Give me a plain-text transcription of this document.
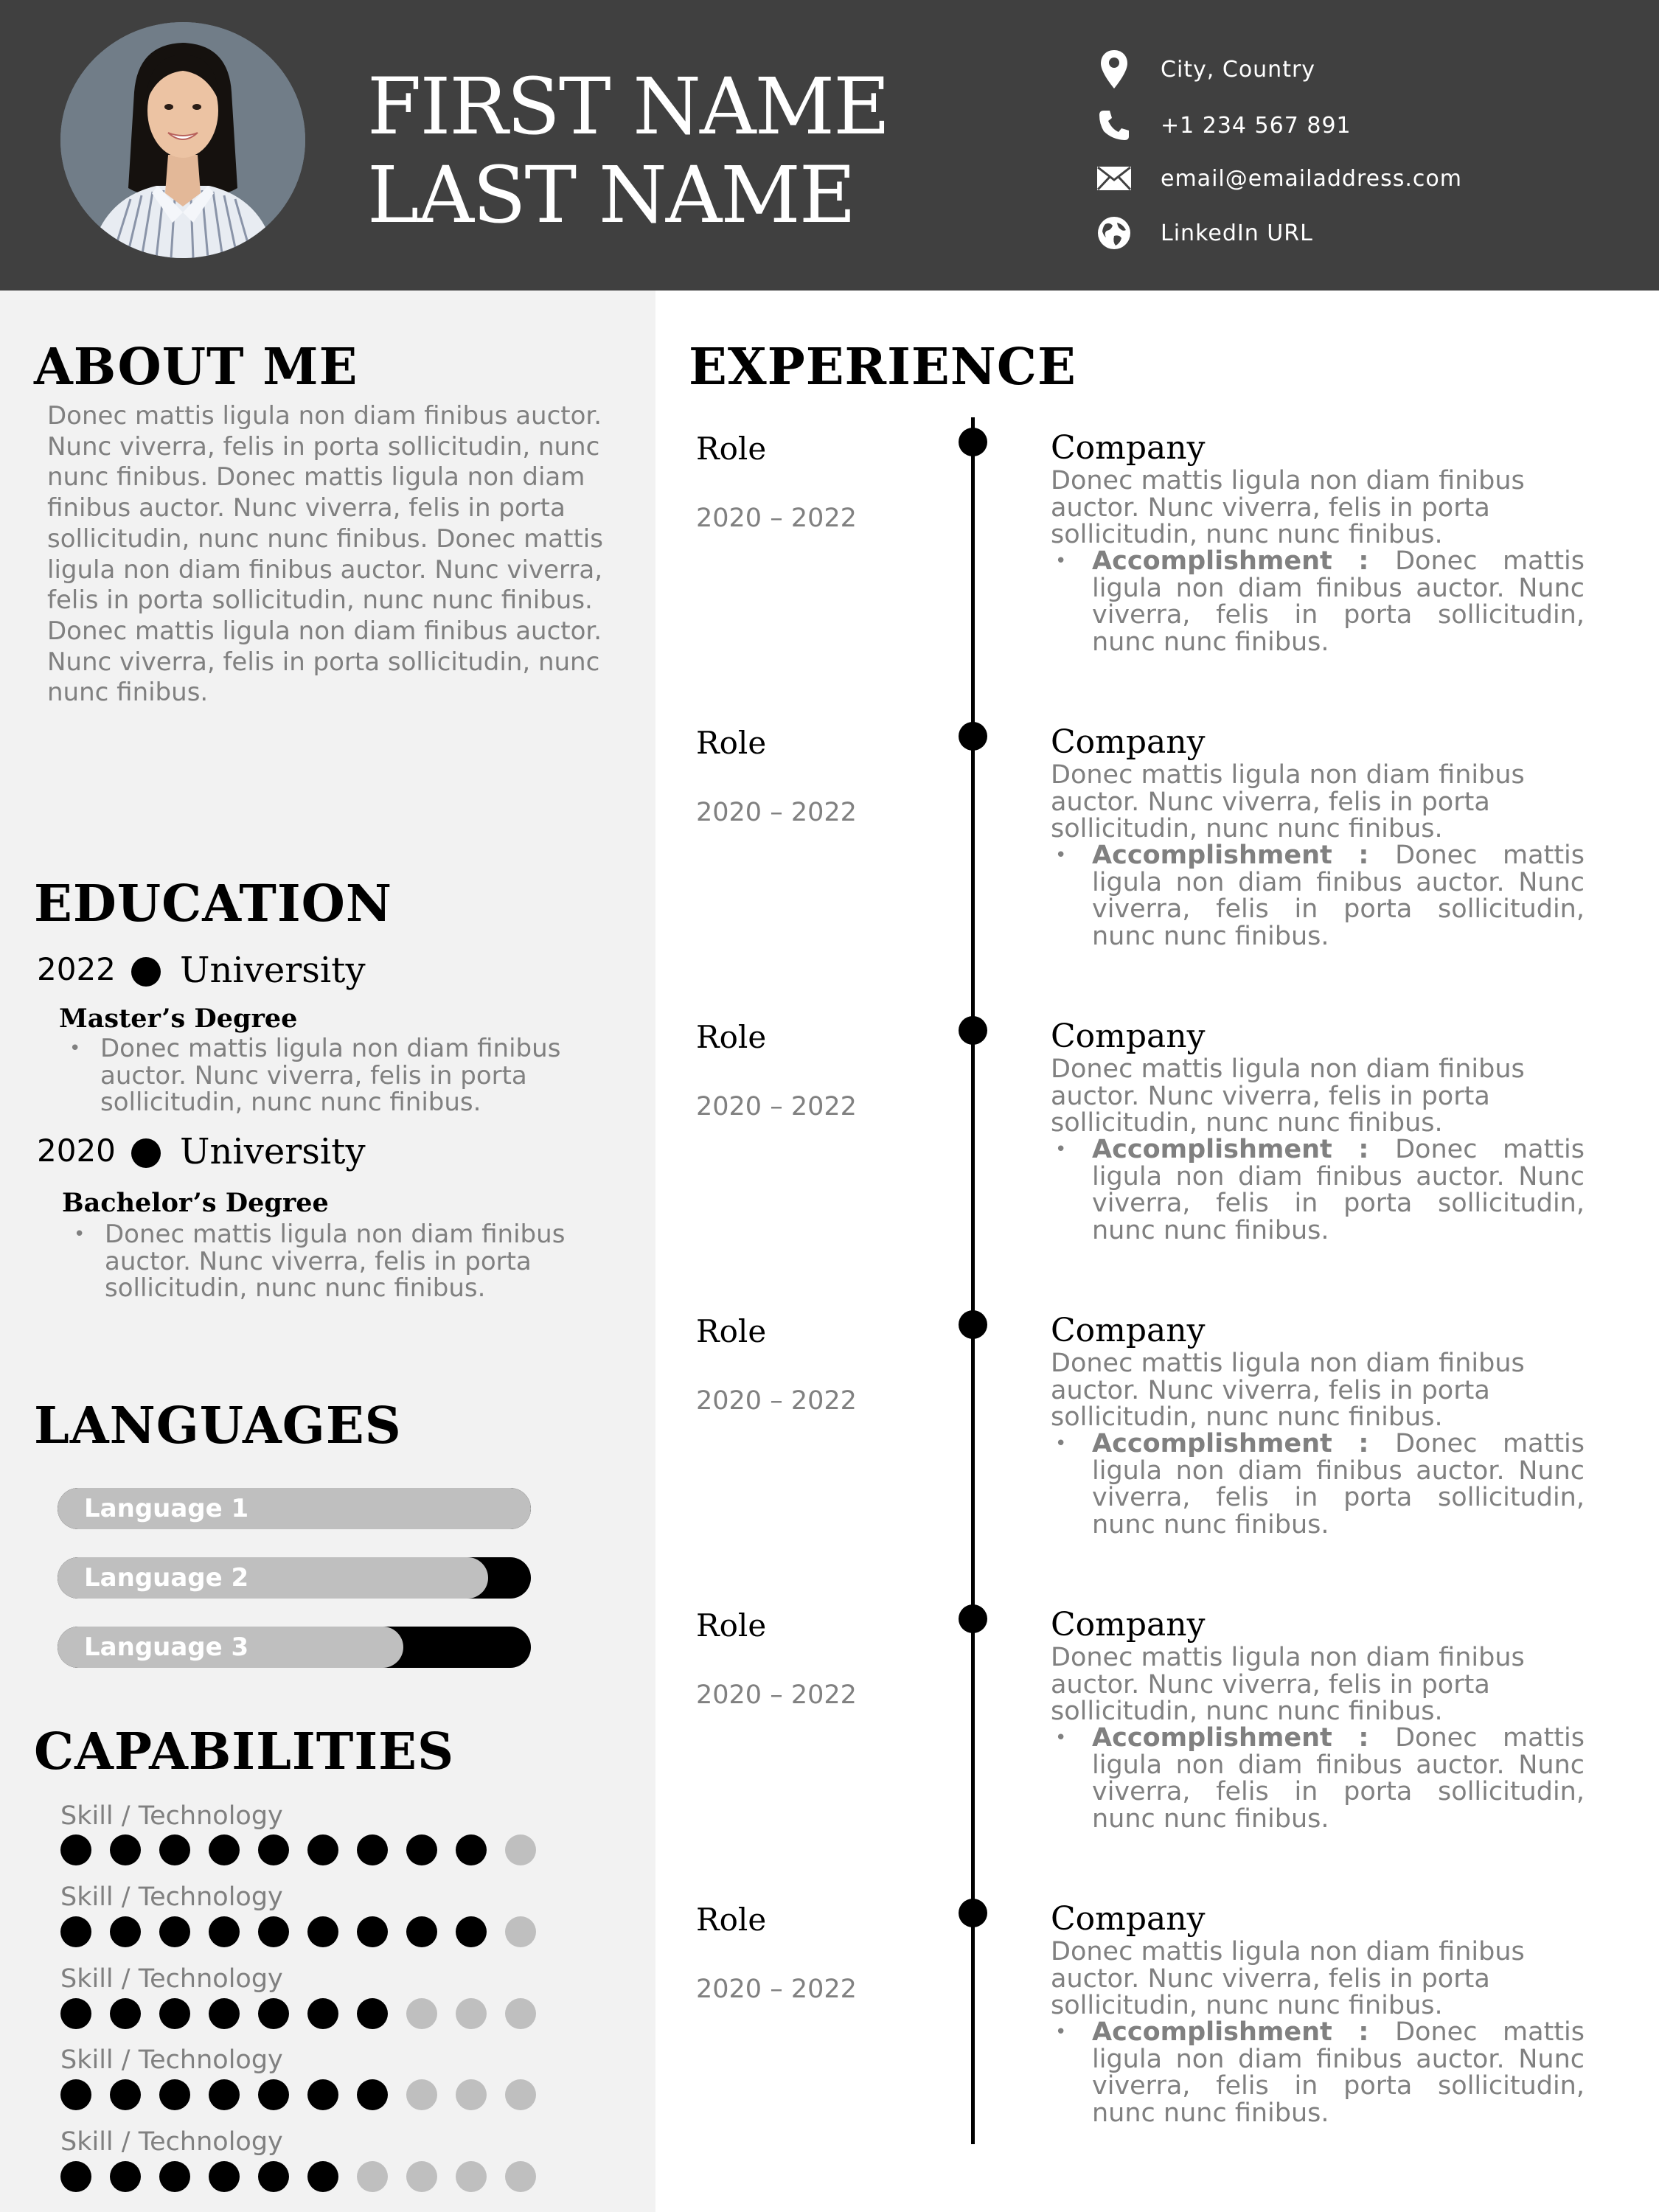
FIRST NAME
LAST NAME
City, Country
+1 234 567 891
email@emailaddress.com
LinkedIn URL
ABOUT ME
Donec mattis ligula non diam finibus auctor. Nunc viverra, felis in porta sollicitudin, nunc nunc finibus. Donec mattis ligula non diam finibus auctor. Nunc viverra, felis in porta sollicitudin, nunc nunc finibus. Donec mattis ligula non diam finibus auctor. Nunc viverra, felis in porta sollicitudin, nunc nunc finibus. Donec mattis ligula non diam finibus auctor. Nunc viverra, felis in porta sollicitudin, nunc nunc finibus.
EDUCATION
2022 University
Master’s Degree
• Donec mattis ligula non diam finibus auctor. Nunc viverra, felis in porta sollicitudin, nunc nunc finibus.
2020 University
Bachelor’s Degree
• Donec mattis ligula non diam finibus auctor. Nunc viverra, felis in porta sollicitudin, nunc nunc finibus.
LANGUAGES
Language 1
Language 2
Language 3
CAPABILITIES
Skill / Technology
Skill / Technology
Skill / Technology
Skill / Technology
Skill / Technology
EXPERIENCE
Role
2020 – 2022
Company
Donec mattis ligula non diam finibus auctor. Nunc viverra, felis in porta sollicitudin, nunc nunc finibus.
• Accomplishment : Donec mattis ligula non diam finibus auctor. Nunc viverra, felis in porta sollicitudin, nunc nunc finibus.
Role
2020 – 2022
Company
Donec mattis ligula non diam finibus auctor. Nunc viverra, felis in porta sollicitudin, nunc nunc finibus.
• Accomplishment : Donec mattis ligula non diam finibus auctor. Nunc viverra, felis in porta sollicitudin, nunc nunc finibus.
Role
2020 – 2022
Company
Donec mattis ligula non diam finibus auctor. Nunc viverra, felis in porta sollicitudin, nunc nunc finibus.
• Accomplishment : Donec mattis ligula non diam finibus auctor. Nunc viverra, felis in porta sollicitudin, nunc nunc finibus.
Role
2020 – 2022
Company
Donec mattis ligula non diam finibus auctor. Nunc viverra, felis in porta sollicitudin, nunc nunc finibus.
• Accomplishment : Donec mattis ligula non diam finibus auctor. Nunc viverra, felis in porta sollicitudin, nunc nunc finibus.
Role
2020 – 2022
Company
Donec mattis ligula non diam finibus auctor. Nunc viverra, felis in porta sollicitudin, nunc nunc finibus.
• Accomplishment : Donec mattis ligula non diam finibus auctor. Nunc viverra, felis in porta sollicitudin, nunc nunc finibus.
Role
2020 – 2022
Company
Donec mattis ligula non diam finibus auctor. Nunc viverra, felis in porta sollicitudin, nunc nunc finibus.
• Accomplishment : Donec mattis ligula non diam finibus auctor. Nunc viverra, felis in porta sollicitudin, nunc nunc finibus.
